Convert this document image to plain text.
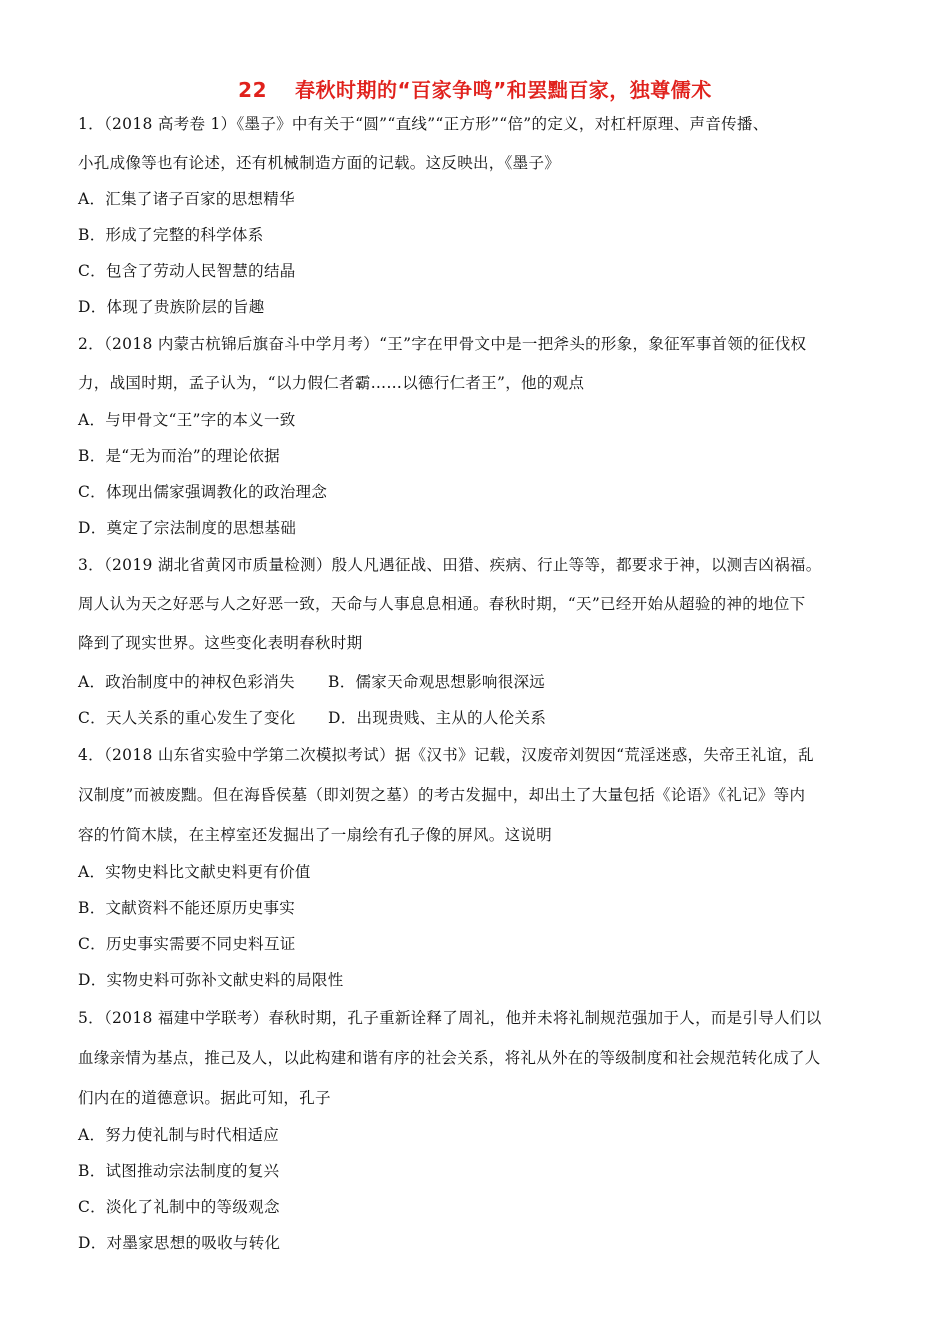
22 春秋时期的“百家争鸣”和罢黜百家，独尊儒术
1．（2018 高考卷 1）《墨子》中有关于“圆”“直线”“正方形”“倍”的定义，对杠杆原理、声音传播、
小孔成像等也有论述，还有机械制造方面的记载。这反映出，《墨子》
A．汇集了诸子百家的思想精华
B．形成了完整的科学体系
C．包含了劳动人民智慧的结晶
D．体现了贵族阶层的旨趣
2．（2018 内蒙古杭锦后旗奋斗中学月考）“王”字在甲骨文中是一把斧头的形象，象征军事首领的征伐权
力，战国时期，孟子认为，“以力假仁者霸……以德行仁者王”，他的观点
A．与甲骨文“王”字的本义一致
B．是“无为而治”的理论依据
C．体现出儒家强调教化的政治理念
D．奠定了宗法制度的思想基础
3．（2019 湖北省黄冈市质量检测）殷人凡遇征战、田猎、疾病、行止等等，都要求于神，以测吉凶祸福。
周人认为天之好恶与人之好恶一致，天命与人事息息相通。春秋时期，“天”已经开始从超验的神的地位下
降到了现实世界。这些变化表明春秋时期
A．政治制度中的神权色彩消失 B．儒家天命观思想影响很深远
C．天人关系的重心发生了变化 D．出现贵贱、主从的人伦关系
4．（2018 山东省实验中学第二次模拟考试）据《汉书》记载，汉废帝刘贺因“荒淫迷惑，失帝王礼谊，乱
汉制度”而被废黜。但在海昏侯墓（即刘贺之墓）的考古发掘中，却出土了大量包括《论语》《礼记》等内
容的竹简木牍，在主椁室还发掘出了一扇绘有孔子像的屏风。这说明
A．实物史料比文献史料更有价值
B．文献资料不能还原历史事实
C．历史事实需要不同史料互证
D．实物史料可弥补文献史料的局限性
5．（2018 福建中学联考）春秋时期，孔子重新诠释了周礼，他并未将礼制规范强加于人，而是引导人们以
血缘亲情为基点，推己及人，以此构建和谐有序的社会关系，将礼从外在的等级制度和社会规范转化成了人
们内在的道德意识。据此可知，孔子
A．努力使礼制与时代相适应
B．试图推动宗法制度的复兴
C．淡化了礼制中的等级观念
D．对墨家思想的吸收与转化
